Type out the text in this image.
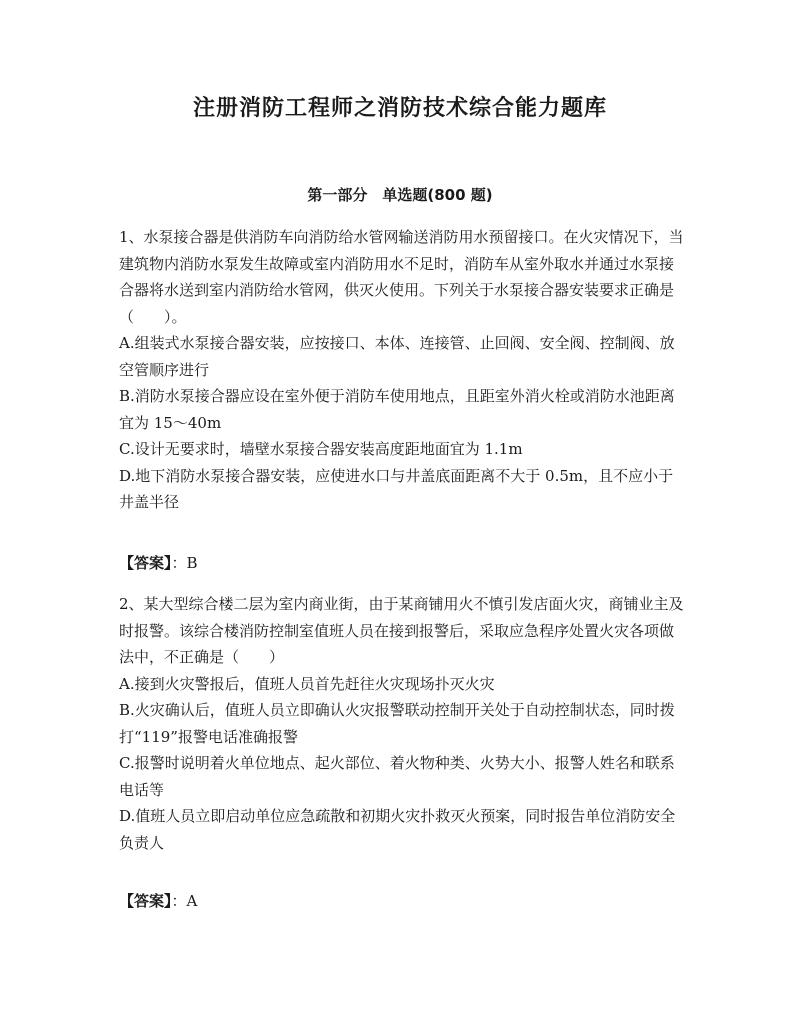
注册消防工程师之消防技术综合能力题库
第一部分　单选题(800 题)

1、水泵接合器是供消防车向消防给水管网输送消防用水预留接口。在火灾情况下，当建筑物内消防水泵发生故障或室内消防用水不足时，消防车从室外取水并通过水泵接合器将水送到室内消防给水管网，供灭火使用。下列关于水泵接合器安装要求正确是（　　）。

A.组装式水泵接合器安装，应按接口、本体、连接管、止回阀、安全阀、控制阀、放空管顺序进行

B.消防水泵接合器应设在室外便于消防车使用地点，且距室外消火栓或消防水池距离宜为 15～40m

C.设计无要求时，墙壁水泵接合器安装高度距地面宜为 1.1m

D.地下消防水泵接合器安装，应使进水口与井盖底面距离不大于 0.5m，且不应小于井盖半径

【答案】：B

2、某大型综合楼二层为室内商业街，由于某商铺用火不慎引发店面火灾，商铺业主及时报警。该综合楼消防控制室值班人员在接到报警后，采取应急程序处置火灾各项做法中，不正确是（　　）

A.接到火灾警报后，值班人员首先赶往火灾现场扑灭火灾

B.火灾确认后，值班人员立即确认火灾报警联动控制开关处于自动控制状态，同时拨打“119”报警电话准确报警

C.报警时说明着火单位地点、起火部位、着火物种类、火势大小、报警人姓名和联系电话等

D.值班人员立即启动单位应急疏散和初期火灾扑救灭火预案，同时报告单位消防安全负责人

【答案】：A
